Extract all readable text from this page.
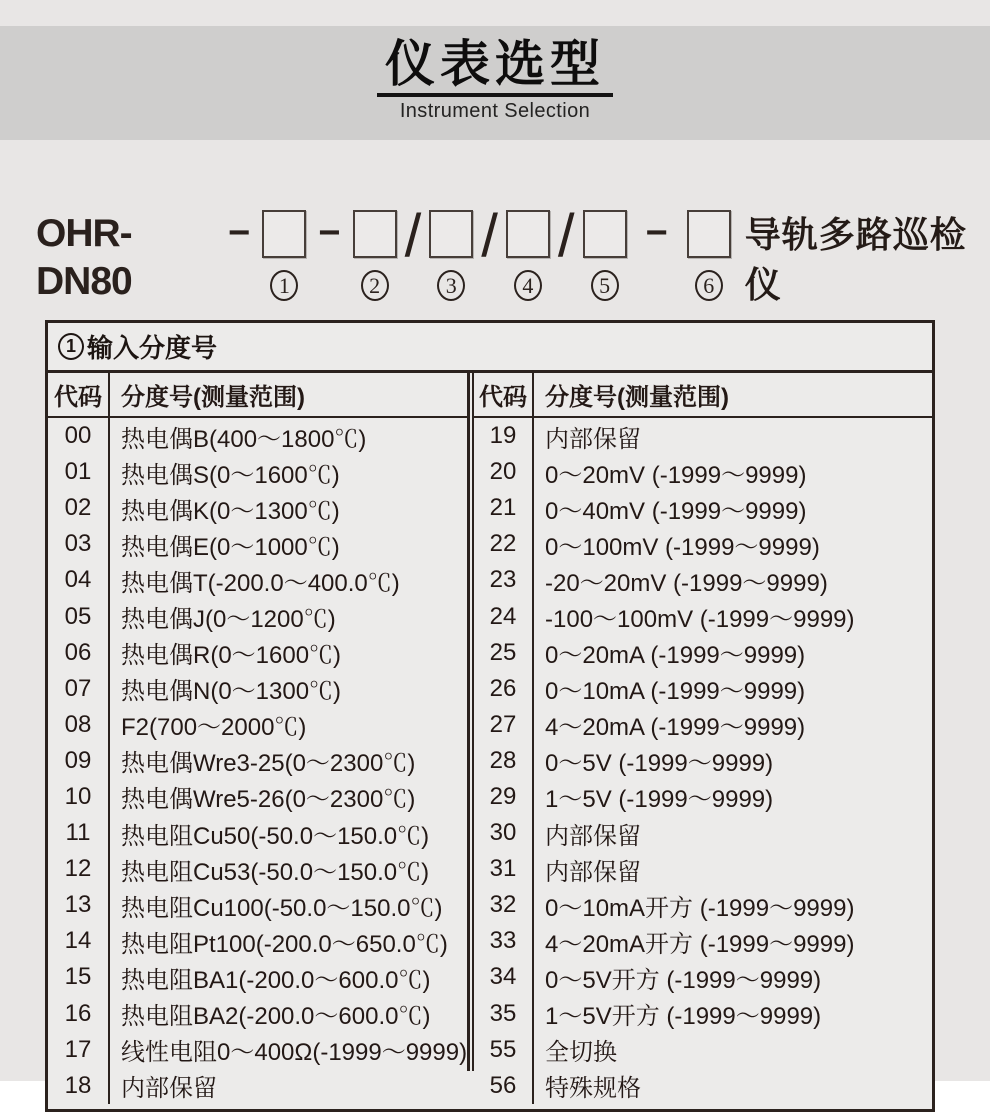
仪表选型
Instrument Selection
OHR-DN80
−
1
−
2
/
3
/
4
/
5
−
6
导轨多路巡检仪
1 输入分度号
代码 分度号(测量范围)
00	热电偶B(400～1800℃)
01	热电偶S(0～1600℃)
02	热电偶K(0～1300℃)
03	热电偶E(0～1000℃)
04	热电偶T(-200.0～400.0℃)
05	热电偶J(0～1200℃)
06	热电偶R(0～1600℃)
07	热电偶N(0～1300℃)
08	F2(700～2000℃)
09	热电偶Wre3-25(0～2300℃)
10	热电偶Wre5-26(0～2300℃)
11	热电阻Cu50(-50.0～150.0℃)
12	热电阻Cu53(-50.0～150.0℃)
13	热电阻Cu100(-50.0～150.0℃)
14	热电阻Pt100(-200.0～650.0℃)
15	热电阻BA1(-200.0～600.0℃)
16	热电阻BA2(-200.0～600.0℃)
17	线性电阻0～400Ω(-1999～9999)
18	内部保留
代码 分度号(测量范围)
19	内部保留
20	0～20mV (-1999～9999)
21	0～40mV (-1999～9999)
22	0～100mV (-1999～9999)
23	-20～20mV (-1999～9999)
24	-100～100mV (-1999～9999)
25	0～20mA (-1999～9999)
26	0～10mA (-1999～9999)
27	4～20mA (-1999～9999)
28	0～5V (-1999～9999)
29	1～5V (-1999～9999)
30	内部保留
31	内部保留
32	0～10mA开方 (-1999～9999)
33	4～20mA开方 (-1999～9999)
34	0～5V开方 (-1999～9999)
35	1～5V开方 (-1999～9999)
55	全切换
56	特殊规格
